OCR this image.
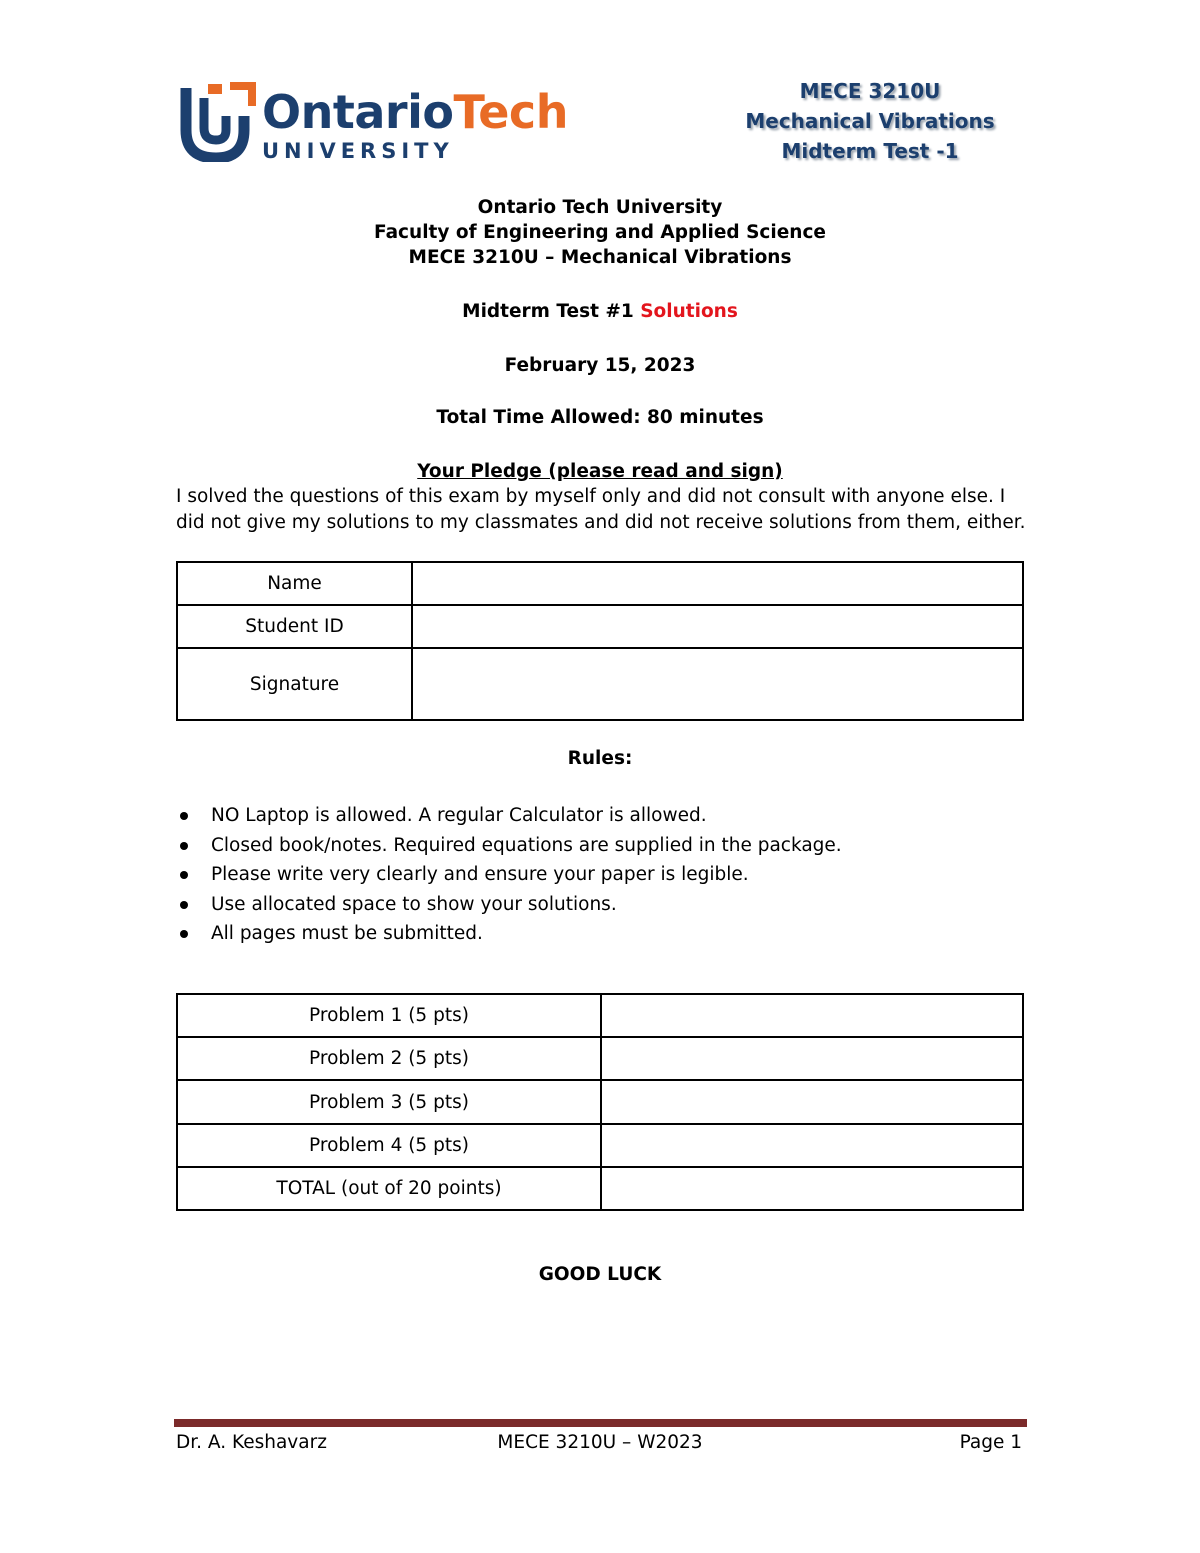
OntarioTech
UNIVERSITY
MECE 3210U
Mechanical Vibrations
Midterm Test -1
Ontario Tech University
Faculty of Engineering and Applied Science
MECE 3210U – Mechanical Vibrations
Midterm Test #1 Solutions
February 15, 2023
Total Time Allowed: 80 minutes
Your Pledge (please read and sign)
I solved the questions of this exam by myself only and did not consult with anyone else. I did not give my solutions to my classmates and did not receive solutions from them, either.
Name	
Student ID	
Signature	
Rules:
NO Laptop is allowed. A regular Calculator is allowed.
Closed book/notes. Required equations are supplied in the package.
Please write very clearly and ensure your paper is legible.
Use allocated space to show your solutions.
All pages must be submitted.
Problem 1 (5 pts)	
Problem 2 (5 pts)	
Problem 3 (5 pts)	
Problem 4 (5 pts)	
TOTAL (out of 20 points)	
GOOD LUCK
Dr. A. Keshavarz	MECE 3210U – W2023	Page 1
